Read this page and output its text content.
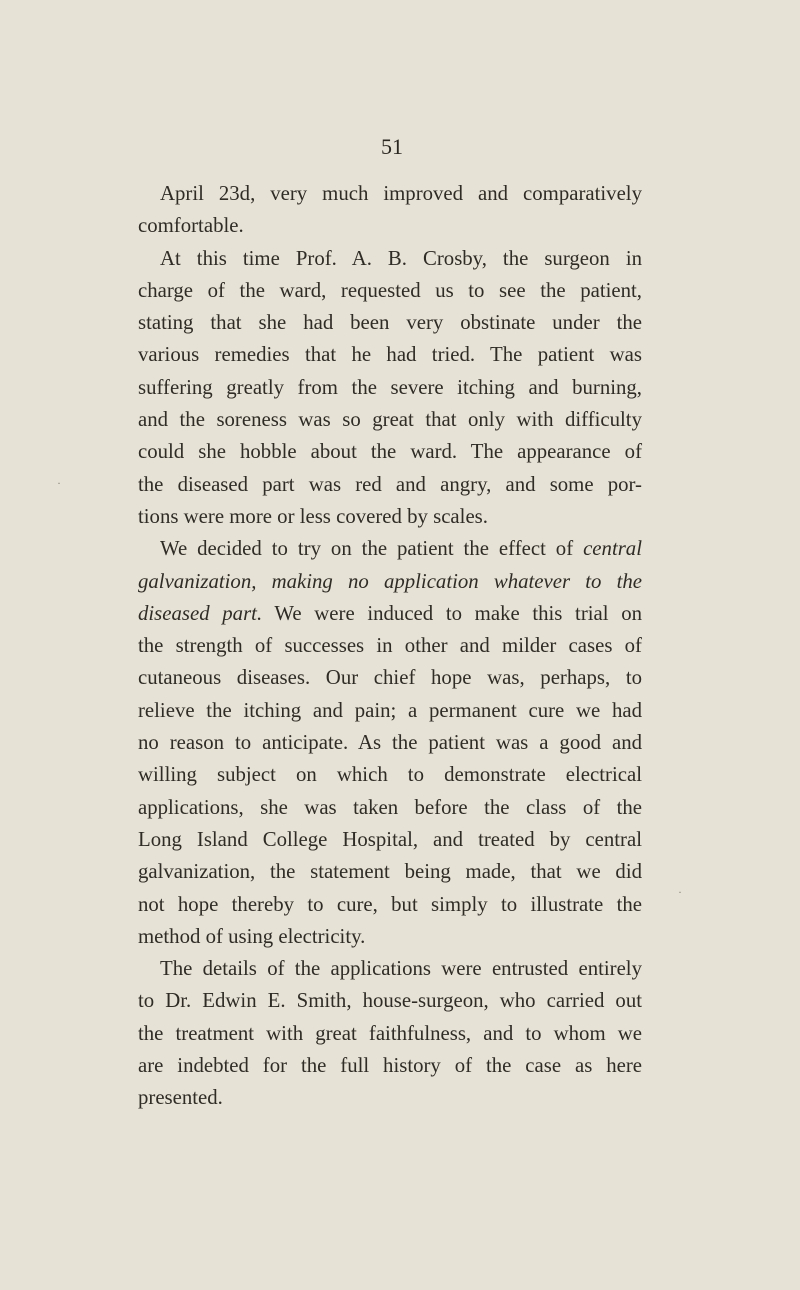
51
April 23d, very much improved and comparatively
comfortable.
At this time Prof. A. B. Crosby, the surgeon in
charge of the ward, requested us to see the patient,
stating that she had been very obstinate under the
various remedies that he had tried. The patient was
suffering greatly from the severe itching and burning,
and the soreness was so great that only with difficulty
could she hobble about the ward. The appearance of
the diseased part was red and angry, and some por-
tions were more or less covered by scales.
We decided to try on the patient the effect of central
galvanization, making no application whatever to the
diseased part. We were induced to make this trial on
the strength of successes in other and milder cases of
cutaneous diseases. Our chief hope was, perhaps, to
relieve the itching and pain; a permanent cure we had
no reason to anticipate. As the patient was a good and
willing subject on which to demonstrate electrical
applications, she was taken before the class of the
Long Island College Hospital, and treated by central
galvanization, the statement being made, that we did
not hope thereby to cure, but simply to illustrate the
method of using electricity.
The details of the applications were entrusted entirely
to Dr. Edwin E. Smith, house-surgeon, who carried out
the treatment with great faithfulness, and to whom we
are indebted for the full history of the case as here
presented.
·
·
